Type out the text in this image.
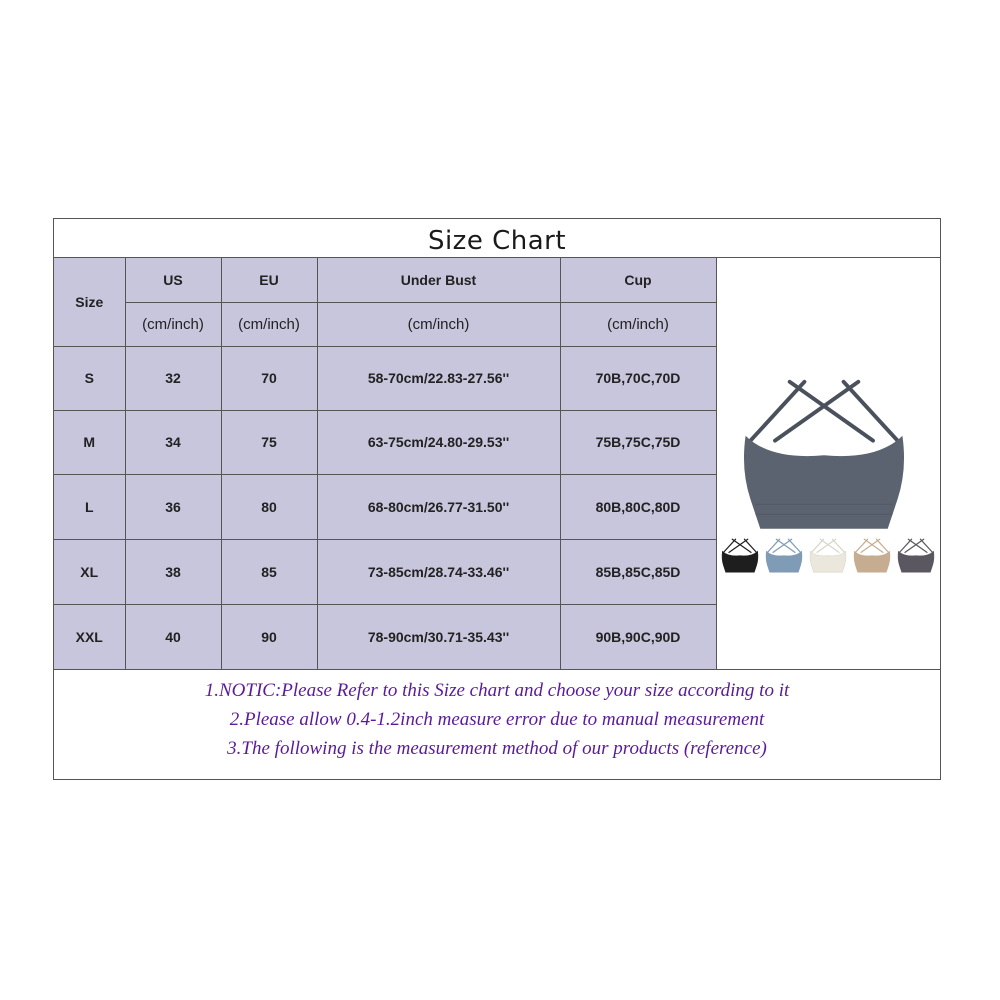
Size Chart
Size	US	EU	Under Bust	Cup
	(cm/inch)	(cm/inch)	(cm/inch)	(cm/inch)
S	32	70	58-70cm/22.83-27.56''	70B,70C,70D
M	34	75	63-75cm/24.80-29.53''	75B,75C,75D
L	36	80	68-80cm/26.77-31.50''	80B,80C,80D
XL	38	85	73-85cm/28.74-33.46''	85B,85C,85D
XXL	40	90	78-90cm/30.71-35.43''	90B,90C,90D
1.NOTIC:Please Refer to this Size chart and choose your size according to it
2.Please allow 0.4-1.2inch measure error due to manual measurement
3.The following is the measurement method of our products (reference)
